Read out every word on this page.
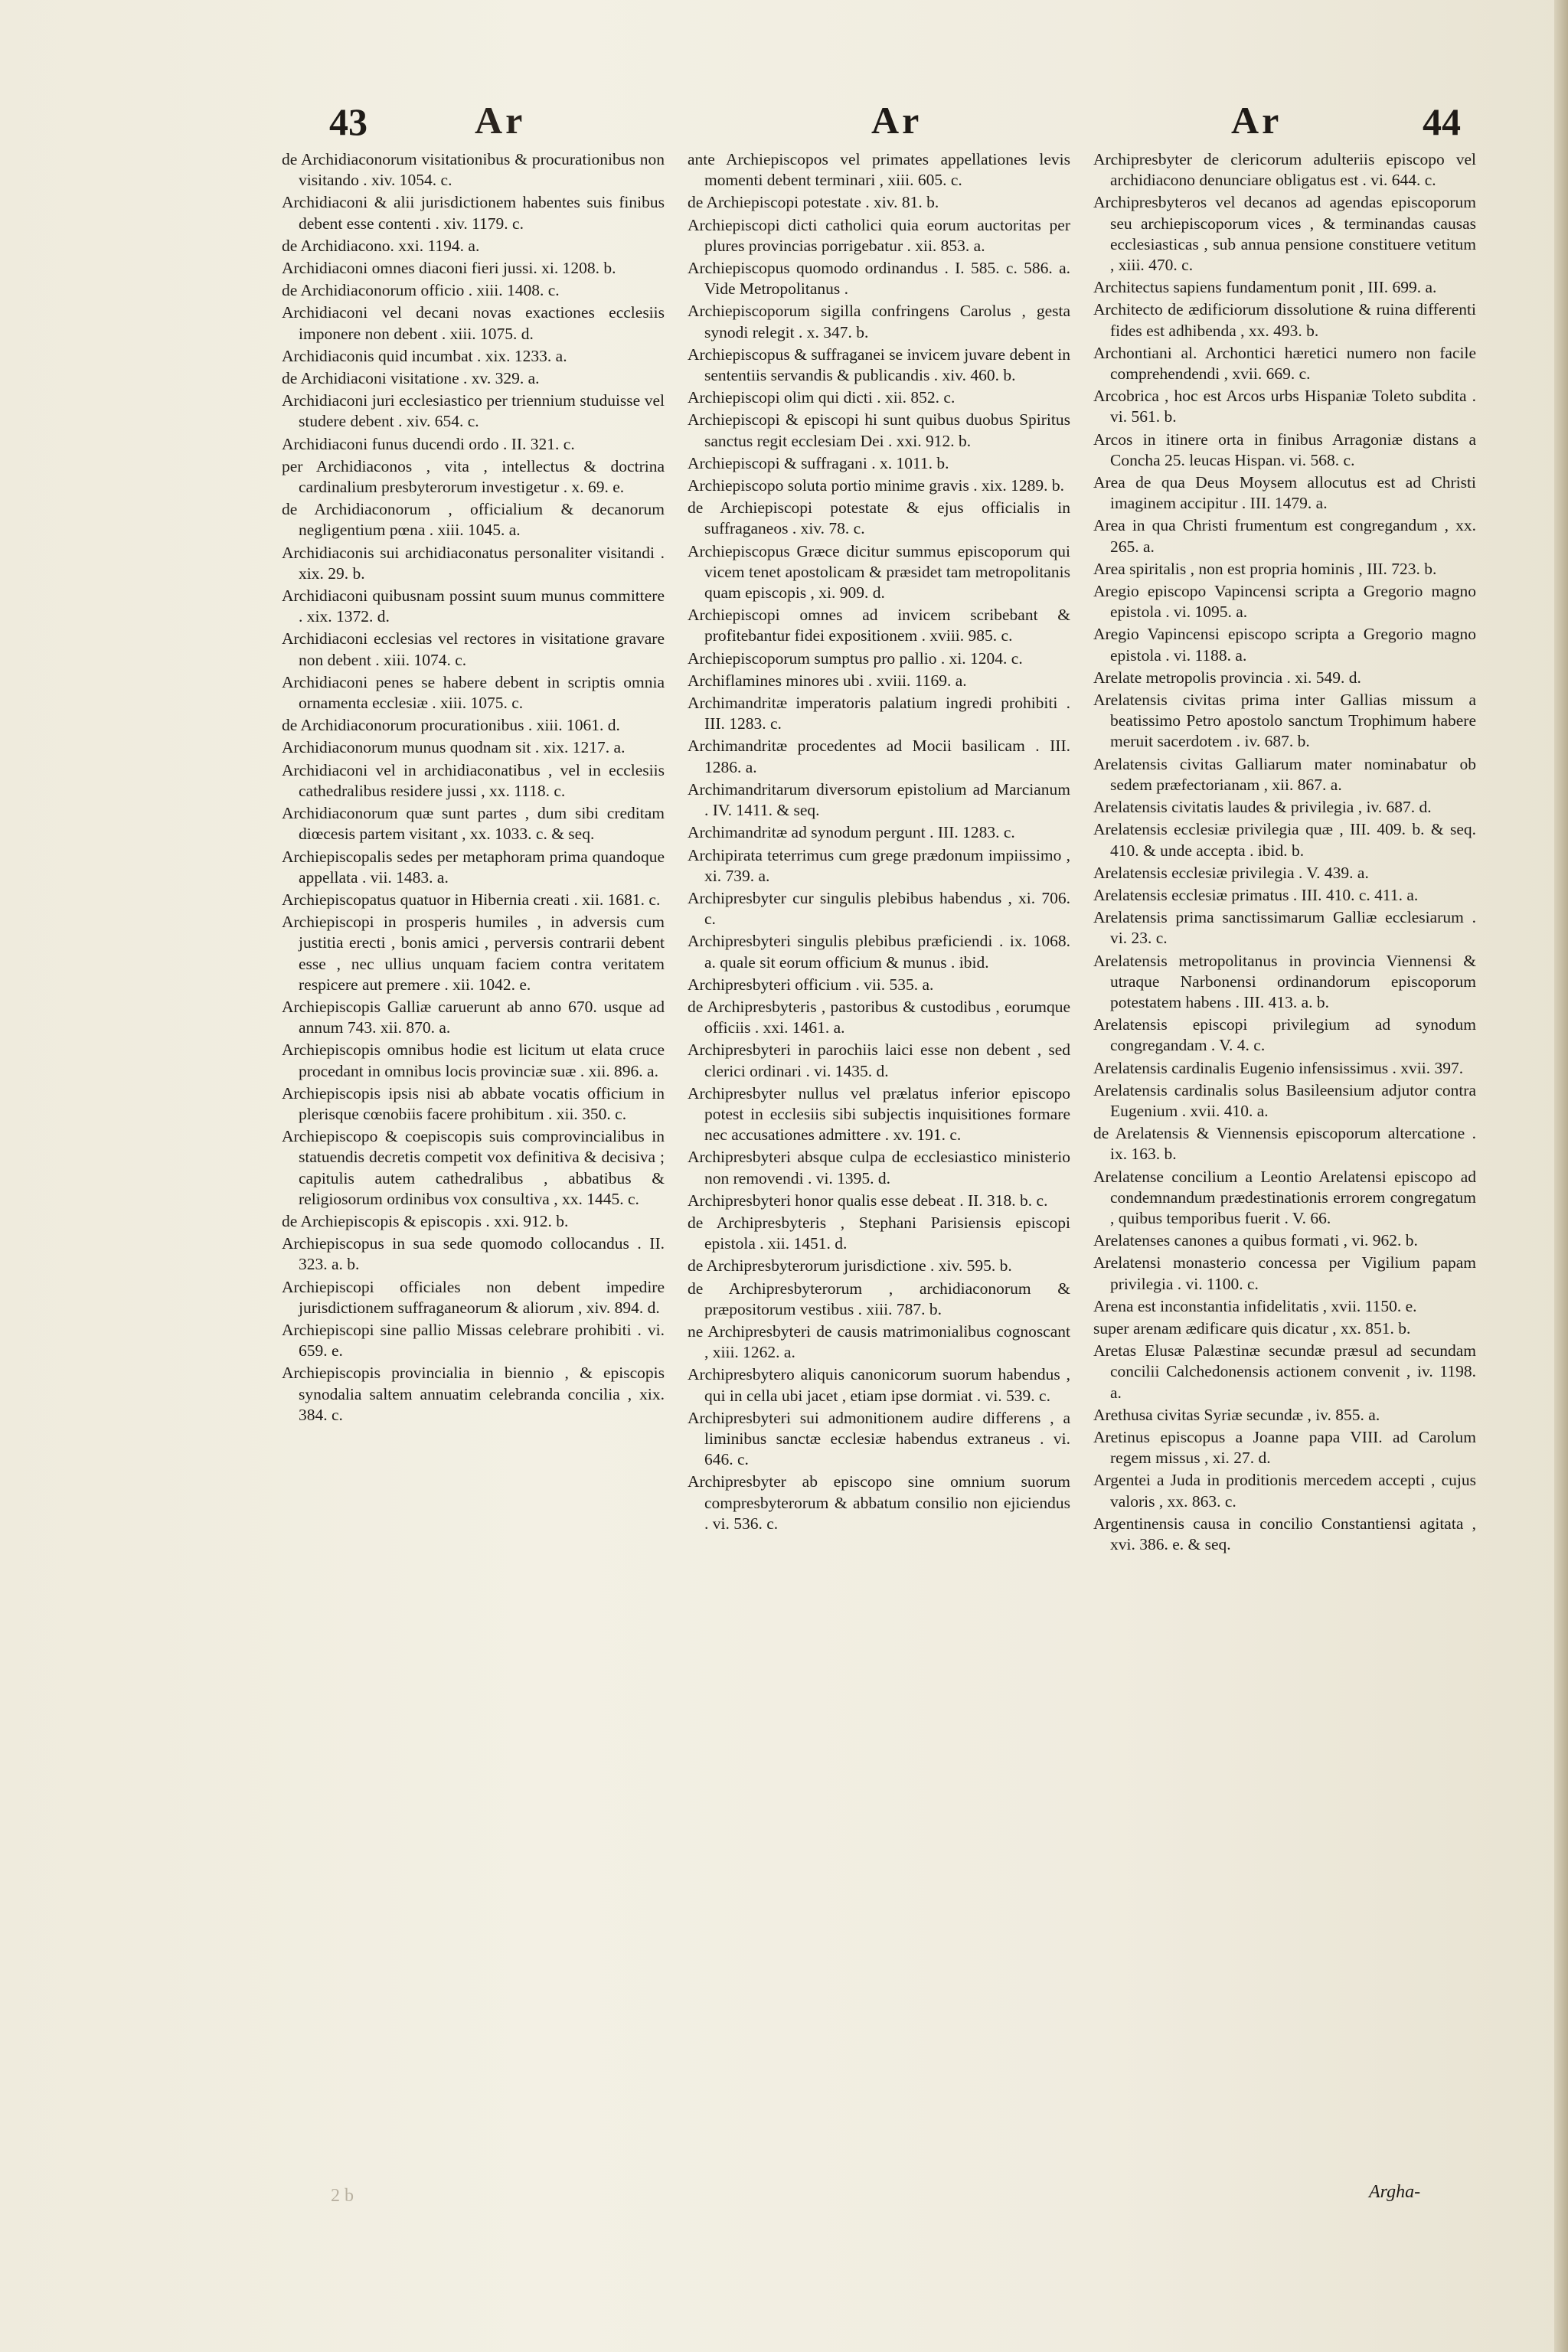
43	Ar	Ar	Ar	44

de Archidiaconorum visitationibus & procurationibus non visitando . xiv. 1054. c.

Archidiaconi & alii jurisdictionem habentes suis finibus debent esse contenti . xiv. 1179. c.

de Archidiacono. xxi. 1194. a.

Archidiaconi omnes diaconi fieri jussi. xi. 1208. b.

de Archidiaconorum officio . xiii. 1408. c.

Archidiaconi vel decani novas exactiones ecclesiis imponere non debent . xiii. 1075. d.

Archidiaconis quid incumbat . xix. 1233. a.

de Archidiaconi visitatione . xv. 329. a.

Archidiaconi juri ecclesiastico per triennium studuisse vel studere debent . xiv. 654. c.

Archidiaconi funus ducendi ordo . II. 321. c.

per Archidiaconos , vita , intellectus & doctrina cardinalium presbyterorum investigetur . x. 69. e.

de Archidiaconorum , officialium & decanorum negligentium pœna . xiii. 1045. a.

Archidiaconis sui archidiaconatus personaliter visitandi . xix. 29. b.

Archidiaconi quibusnam possint suum munus committere . xix. 1372. d.

Archidiaconi ecclesias vel rectores in visitatione gravare non debent . xiii. 1074. c.

Archidiaconi penes se habere debent in scriptis omnia ornamenta ecclesiæ . xiii. 1075. c.

de Archidiaconorum procurationibus . xiii. 1061. d.

Archidiaconorum munus quodnam sit . xix. 1217. a.

Archidiaconi vel in archidiaconatibus , vel in ecclesiis cathedralibus residere jussi , xx. 1118. c.

Archidiaconorum quæ sunt partes , dum sibi creditam diœcesis partem visitant , xx. 1033. c. & seq.

Archiepiscopalis sedes per metaphoram prima quandoque appellata . vii. 1483. a.

Archiepiscopatus quatuor in Hibernia creati . xii. 1681. c.

Archiepiscopi in prosperis humiles , in adversis cum justitia erecti , bonis amici , perversis contrarii debent esse , nec ullius unquam faciem contra veritatem respicere aut premere . xii. 1042. e.

Archiepiscopis Galliæ caruerunt ab anno 670. usque ad annum 743. xii. 870. a.

Archiepiscopis omnibus hodie est licitum ut elata cruce procedant in omnibus locis provinciæ suæ . xii. 896. a.

Archiepiscopis ipsis nisi ab abbate vocatis officium in plerisque cœnobiis facere prohibitum . xii. 350. c.

Archiepiscopo & coepiscopis suis comprovincialibus in statuendis decretis competit vox definitiva & decisiva ; capitulis autem cathedralibus , abbatibus & religiosorum ordinibus vox consultiva , xx. 1445. c.

de Archiepiscopis & episcopis . xxi. 912. b.

Archiepiscopus in sua sede quomodo collocandus . II. 323. a. b.

Archiepiscopi officiales non debent impedire jurisdictionem suffraganeorum & aliorum , xiv. 894. d.

Archiepiscopi sine pallio Missas celebrare prohibiti . vi. 659. e.

Archiepiscopis provincialia in biennio , & episcopis synodalia saltem annuatim celebranda concilia , xix. 384. c.

ante Archiepiscopos vel primates appellationes levis momenti debent terminari , xiii. 605. c.

de Archiepiscopi potestate . xiv. 81. b.

Archiepiscopi dicti catholici quia eorum auctoritas per plures provincias porrigebatur . xii. 853. a.

Archiepiscopus quomodo ordinandus . I. 585. c. 586. a. Vide Metropolitanus .

Archiepiscoporum sigilla confringens Carolus , gesta synodi relegit . x. 347. b.

Archiepiscopus & suffraganei se invicem juvare debent in sententiis servandis & publicandis . xiv. 460. b.

Archiepiscopi olim qui dicti . xii. 852. c.

Archiepiscopi & episcopi hi sunt quibus duobus Spiritus sanctus regit ecclesiam Dei . xxi. 912. b.

Archiepiscopi & suffragani . x. 1011. b.

Archiepiscopo soluta portio minime gravis . xix. 1289. b.

de Archiepiscopi potestate & ejus officialis in suffraganeos . xiv. 78. c.

Archiepiscopus Græce dicitur summus episcoporum qui vicem tenet apostolicam & præsidet tam metropolitanis quam episcopis , xi. 909. d.

Archiepiscopi omnes ad invicem scribebant & profitebantur fidei expositionem . xviii. 985. c.

Archiepiscoporum sumptus pro pallio . xi. 1204. c.

Archiflamines minores ubi . xviii. 1169. a.

Archimandritæ imperatoris palatium ingredi prohibiti . III. 1283. c.

Archimandritæ procedentes ad Mocii basilicam . III. 1286. a.

Archimandritarum diversorum epistolium ad Marcianum . IV. 1411. & seq.

Archimandritæ ad synodum pergunt . III. 1283. c.

Archipirata teterrimus cum grege prædonum impiissimo , xi. 739. a.

Archipresbyter cur singulis plebibus habendus , xi. 706. c.

Archipresbyteri singulis plebibus præficiendi . ix. 1068. a. quale sit eorum officium & munus . ibid.

Archipresbyteri officium . vii. 535. a.

de Archipresbyteris , pastoribus & custodibus , eorumque officiis . xxi. 1461. a.

Archipresbyteri in parochiis laici esse non debent , sed clerici ordinari . vi. 1435. d.

Archipresbyter nullus vel prælatus inferior episcopo potest in ecclesiis sibi subjectis inquisitiones formare nec accusationes admittere . xv. 191. c.

Archipresbyteri absque culpa de ecclesiastico ministerio non removendi . vi. 1395. d.

Archipresbyteri honor qualis esse debeat . II. 318. b. c.

de Archipresbyteris , Stephani Parisiensis episcopi epistola . xii. 1451. d.

de Archipresbyterorum jurisdictione . xiv. 595. b.

de Archipresbyterorum , archidiaconorum & præpositorum vestibus . xiii. 787. b.

ne Archipresbyteri de causis matrimonialibus cognoscant , xiii. 1262. a.

Archipresbytero aliquis canonicorum suorum habendus , qui in cella ubi jacet , etiam ipse dormiat . vi. 539. c.

Archipresbyteri sui admonitionem audire differens , a liminibus sanctæ ecclesiæ habendus extraneus . vi. 646. c.

Archipresbyter ab episcopo sine omnium suorum compresbyterorum & abbatum consilio non ejiciendus . vi. 536. c.

Archipresbyter de clericorum adulteriis episcopo vel archidiacono denunciare obligatus est . vi. 644. c.

Archipresbyteros vel decanos ad agendas episcoporum seu archiepiscoporum vices , & terminandas causas ecclesiasticas , sub annua pensione constituere vetitum , xiii. 470. c.

Architectus sapiens fundamentum ponit , III. 699. a.

Architecto de ædificiorum dissolutione & ruina differenti fides est adhibenda , xx. 493. b.

Archontiani al. Archontici hæretici numero non facile comprehendendi , xvii. 669. c.

Arcobrica , hoc est Arcos urbs Hispaniæ Toleto subdita . vi. 561. b.

Arcos in itinere orta in finibus Arragoniæ distans a Concha 25. leucas Hispan. vi. 568. c.

Area de qua Deus Moysem allocutus est ad Christi imaginem accipitur . III. 1479. a.

Area in qua Christi frumentum est congregandum , xx. 265. a.

Area spiritalis , non est propria hominis , III. 723. b.

Aregio episcopo Vapincensi scripta a Gregorio magno epistola . vi. 1095. a.

Aregio Vapincensi episcopo scripta a Gregorio magno epistola . vi. 1188. a.

Arelate metropolis provincia . xi. 549. d.

Arelatensis civitas prima inter Gallias missum a beatissimo Petro apostolo sanctum Trophimum habere meruit sacerdotem . iv. 687. b.

Arelatensis civitas Galliarum mater nominabatur ob sedem præfectorianam , xii. 867. a.

Arelatensis civitatis laudes & privilegia , iv. 687. d.

Arelatensis ecclesiæ privilegia quæ , III. 409. b. & seq. 410. & unde accepta . ibid. b.

Arelatensis ecclesiæ privilegia . V. 439. a.

Arelatensis ecclesiæ primatus . III. 410. c. 411. a.

Arelatensis prima sanctissimarum Galliæ ecclesiarum . vi. 23. c.

Arelatensis metropolitanus in provincia Viennensi & utraque Narbonensi ordinandorum episcoporum potestatem habens . III. 413. a. b.

Arelatensis episcopi privilegium ad synodum congregandam . V. 4. c.

Arelatensis cardinalis Eugenio infensissimus . xvii. 397.

Arelatensis cardinalis solus Basileensium adjutor contra Eugenium . xvii. 410. a.

de Arelatensis & Viennensis episcoporum altercatione . ix. 163. b.

Arelatense concilium a Leontio Arelatensi episcopo ad condemnandum prædestinationis errorem congregatum , quibus temporibus fuerit . V. 66.

Arelatenses canones a quibus formati , vi. 962. b.

Arelatensi monasterio concessa per Vigilium papam privilegia . vi. 1100. c.

Arena est inconstantia infidelitatis , xvii. 1150. e.

super arenam ædificare quis dicatur , xx. 851. b.

Aretas Elusæ Palæstinæ secundæ præsul ad secundam concilii Calchedonensis actionem convenit , iv. 1198. a.

Arethusa civitas Syriæ secundæ , iv. 855. a.

Aretinus episcopus a Joanne papa VIII. ad Carolum regem missus , xi. 27. d.

Argentei a Juda in proditionis mercedem accepti , cujus valoris , xx. 863. c.

Argentinensis causa in concilio Constantiensi agitata , xvi. 386. e. & seq.

2 b	Argha-
